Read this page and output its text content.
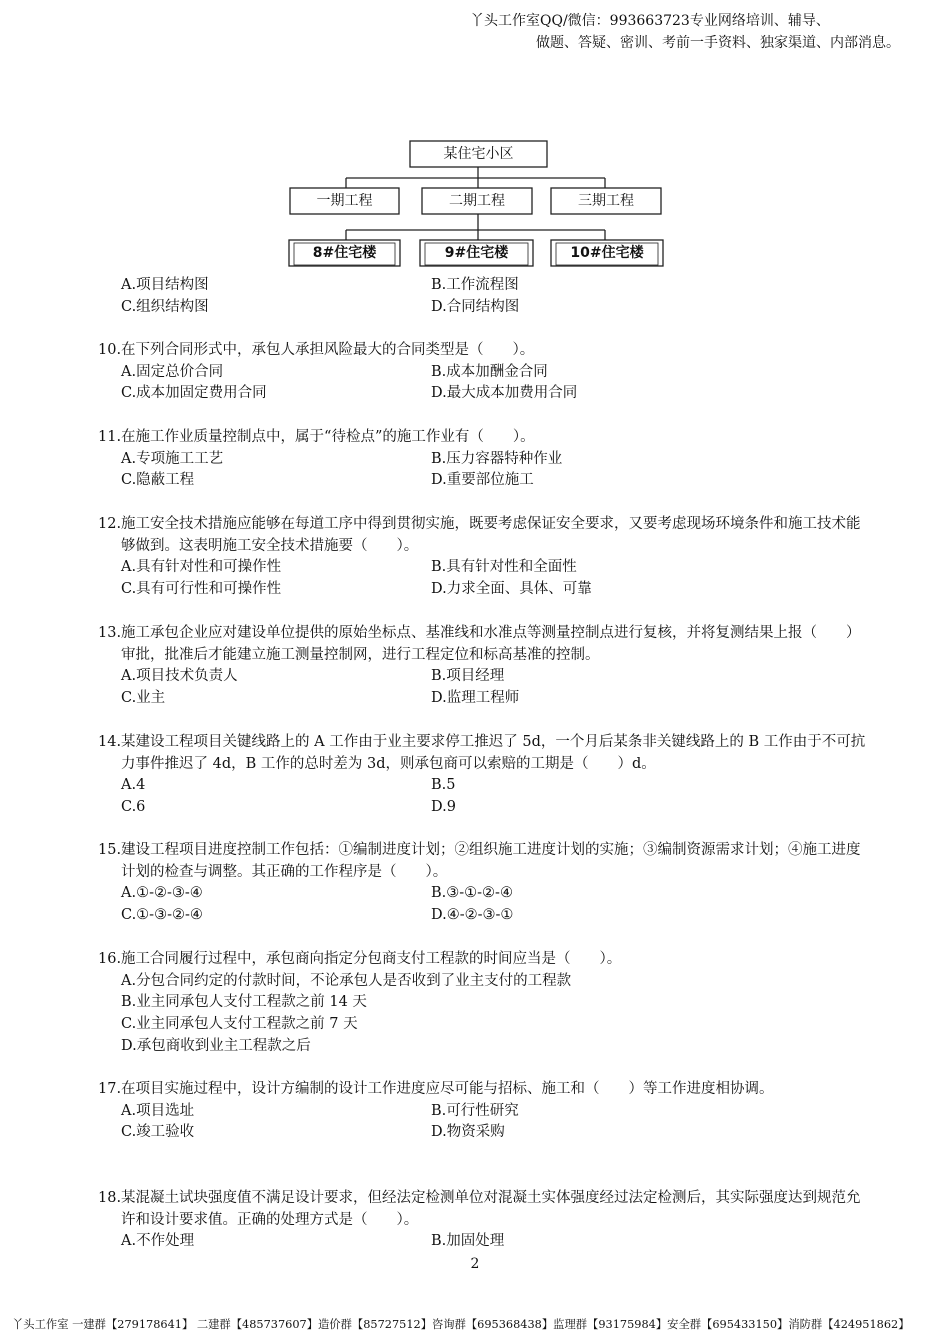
丫头工作室QQ/微信：993663723专业网络培训、辅导、
做题、答疑、密训、考前一手资料、独家渠道、内部消息。
某住宅小区
一期工程	二期工程	三期工程
8#住宅楼	9#住宅楼	10#住宅楼
A.项目结构图	B.工作流程图
C.组织结构图	D.合同结构图

10.在下列合同形式中，承包人承担风险最大的合同类型是（　　）。

A.固定总价合同	B.成本加酬金合同
C.成本加固定费用合同	D.最大成本加费用合同

11.在施工作业质量控制点中，属于“待检点”的施工作业有（　　）。

A.专项施工工艺	B.压力容器特种作业
C.隐蔽工程	D.重要部位施工

12.施工安全技术措施应能够在每道工序中得到贯彻实施，既要考虑保证安全要求，又要考虑现场环境条件和施工技术能够做到。这表明施工安全技术措施要（　　）。

A.具有针对性和可操作性	B.具有针对性和全面性
C.具有可行性和可操作性	D.力求全面、具体、可靠

13.施工承包企业应对建设单位提供的原始坐标点、基准线和水准点等测量控制点进行复核，并将复测结果上报（　　）审批，批准后才能建立施工测量控制网，进行工程定位和标高基准的控制。

A.项目技术负责人	B.项目经理
C.业主	D.监理工程师

14.某建设工程项目关键线路上的 A 工作由于业主要求停工推迟了 5d，一个月后某条非关键线路上的 B 工作由于不可抗力事件推迟了 4d，B 工作的总时差为 3d，则承包商可以索赔的工期是（　　）d。

A.4	B.5
C.6	D.9

15.建设工程项目进度控制工作包括：①编制进度计划；②组织施工进度计划的实施；③编制资源需求计划；④施工进度计划的检查与调整。其正确的工作程序是（　　）。

A.①-②-③-④	B.③-①-②-④
C.①-③-②-④	D.④-②-③-①

16.施工合同履行过程中，承包商向指定分包商支付工程款的时间应当是（　　）。

A.分包合同约定的付款时间，不论承包人是否收到了业主支付的工程款
B.业主同承包人支付工程款之前 14 天
C.业主同承包人支付工程款之前 7 天
D.承包商收到业主工程款之后

17.在项目实施过程中，设计方编制的设计工作进度应尽可能与招标、施工和（　　）等工作进度相协调。

A.项目选址	B.可行性研究
C.竣工验收	D.物资采购

18.某混凝土试块强度值不满足设计要求，但经法定检测单位对混凝土实体强度经过法定检测后，其实际强度达到规范允许和设计要求值。正确的处理方式是（　　）。

A.不作处理	B.加固处理
2
丫头工作室 一建群【279178641】 二建群【485737607】造价群【85727512】咨询群【695368438】监理群【93175984】安全群【695433150】消防群【424951862】
